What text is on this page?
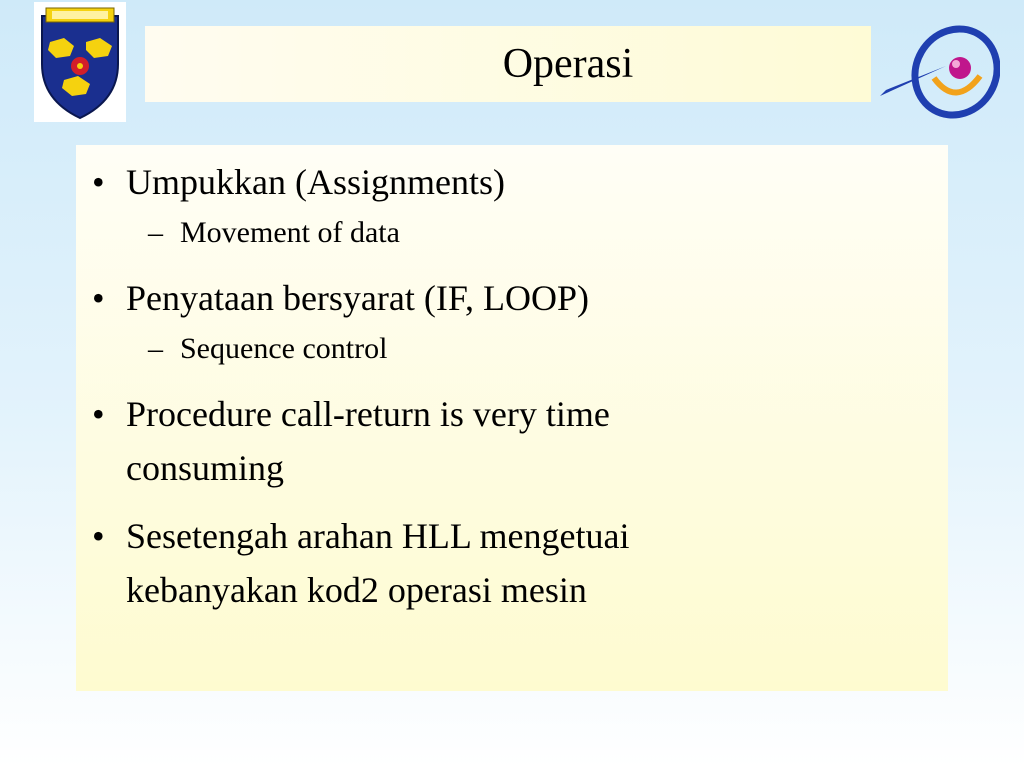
Operasi
• Umpukkan (Assignments)
– Movement of data
• Penyataan bersyarat (IF, LOOP)
– Sequence control
• Procedure call-return is very time consuming
• Sesetengah arahan HLL mengetuai kebanyakan kod2 operasi mesin
